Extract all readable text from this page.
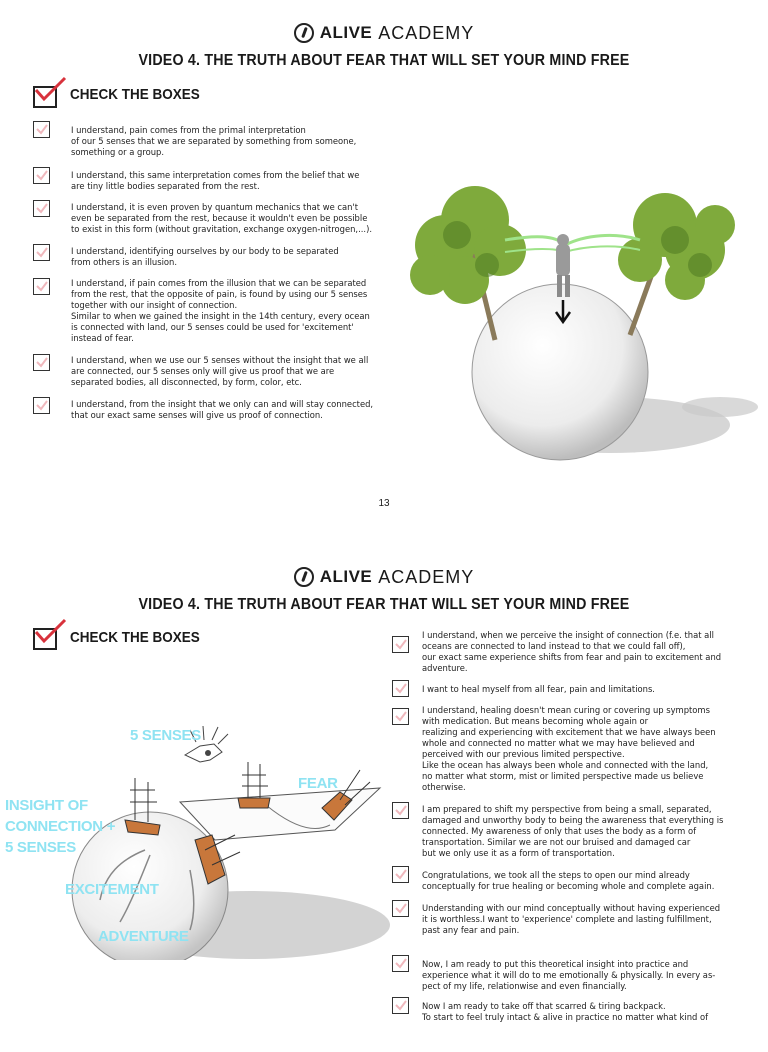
ALIVE ACADEMY
VIDEO 4. THE TRUTH ABOUT FEAR THAT WILL SET YOUR MIND FREE
CHECK THE BOXES
I understand, pain comes from the primal interpretation
of our 5 senses that we are separated by something from someone,
something or a group.
I understand, this same interpretation comes from the belief that we
are tiny little bodies separated from the rest.
I understand, it is even proven by quantum mechanics that we can't
even be separated from the rest, because it wouldn't even be possible
to exist in this form (without gravitation, exchange oxygen-nitrogen,...).
I understand, identifying ourselves by our body to be separated
from others is an illusion.
I understand, if pain comes from the illusion that we can be separated
from the rest, that the opposite of pain, is found by using our 5 senses
together with our insight of connection.
Similar to when we gained the insight in the 14th century, every ocean
is connected with land, our 5 senses could be used for 'excitement'
instead of fear.
I understand, when we use our 5 senses without the insight that we all
are connected, our 5 senses only will give us proof that we are
separated bodies, all disconnected, by form, color, etc.
I understand, from the insight that we only can and will stay connected,
that our exact same senses will give us proof of connection.
13
ALIVE ACADEMY
VIDEO 4. THE TRUTH ABOUT FEAR THAT WILL SET YOUR MIND FREE
CHECK THE BOXES
5 SENSES
FEAR
INSIGHT OF
CONNECTION +
5 SENSES
EXCITEMENT
ADVENTURE
I understand, when we perceive the insight of connection (f.e. that all
oceans are connected to land instead to that we could fall off),
our exact same experience shifts from fear and pain to excitement and
adventure.
I want to heal myself from all fear, pain and limitations.
I understand, healing doesn't mean curing or covering up symptoms
with medication. But means becoming whole again or
realizing and experiencing with excitement that we have always been
whole and connected no matter what we may have believed and
perceived with our previous limited perspective.
Like the ocean has always been whole and connected with the land,
no matter what storm, mist or limited perspective made us believe
otherwise.
I am prepared to shift my perspective from being a small, separated,
damaged and unworthy body to being the awareness that everything is
connected. My awareness of only that uses the body as a form of
transportation. Similar we are not our bruised and damaged car
but we only use it as a form of transportation.
Congratulations, we took all the steps to open our mind already
conceptually for true healing or becoming whole and complete again.
Understanding with our mind conceptually without having experienced
it is worthless.I want to 'experience' complete and lasting fulfillment,
past any fear and pain.
Now, I am ready to put this theoretical insight into practice and
experience what it will do to me emotionally & physically. In every as-
pect of my life, relationwise and even financially.
Now I am ready to take off that scarred & tiring backpack.
To start to feel truly intact & alive in practice no matter what kind of
